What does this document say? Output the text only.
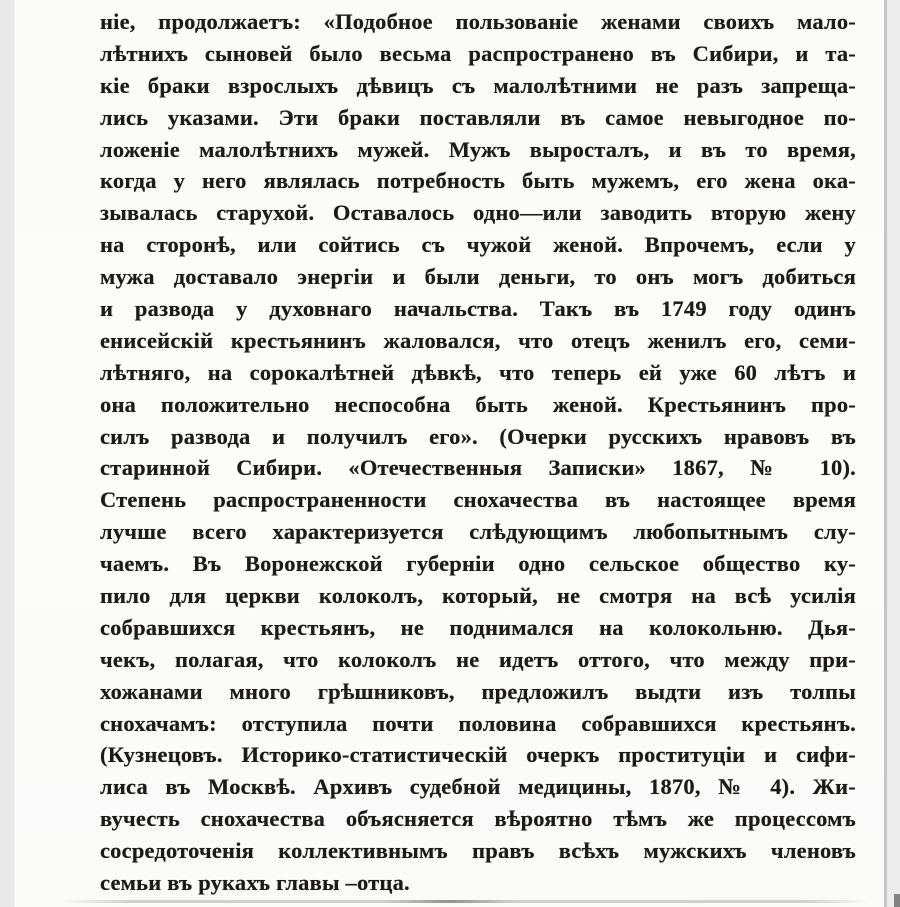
ніе, продолжаетъ: «Подобное пользованіе женами своихъ мало-
лѣтнихъ сыновей было весьма распространено въ Сибири, и та-
кіе браки взрослыхъ дѣвицъ съ малолѣтними не разъ запреща-
лись указами. Эти браки поставляли въ самое невыгодное по-
ложеніе малолѣтнихъ мужей. Мужъ выросталъ, и въ то время,
когда у него являлась потребность быть мужемъ, его жена ока-
зывалась старухой. Оставалось одно—или заводить вторую жену
на сторонѣ, или сойтись съ чужой женой. Впрочемъ, если у
мужа доставало энергіи и были деньги, то онъ могъ добиться
и развода у духовнаго начальства. Такъ въ 1749 году одинъ
енисейскій крестьянинъ жаловался, что отецъ женилъ его, семи-
лѣтняго, на сорокалѣтней дѣвкѣ, что теперь ей уже 60 лѣтъ и
она положительно неспособна быть женой. Крестьянинъ про-
силъ развода и получилъ его». (Очерки русскихъ нравовъ въ
старинной Сибири. «Отечественныя Записки» 1867, № 10).
Степень распространенности снохачества въ настоящее время
лучше всего характеризуется слѣдующимъ любопытнымъ слу-
чаемъ. Въ Воронежской губерніи одно сельское общество ку-
пило для церкви колоколъ, который, не смотря на всѣ усилія
собравшихся крестьянъ, не поднимался на колокольню. Дья-
чекъ, полагая, что колоколъ не идетъ оттого, что между при-
хожанами много грѣшниковъ, предложилъ выдти изъ толпы
снохачамъ: отступила почти половина собравшихся крестьянъ.
(Кузнецовъ. Историко-статистическій очеркъ проституціи и сифи-
лиса въ Москвѣ. Архивъ судебной медицины, 1870, № 4). Жи-
вучесть снохачества объясняется вѣроятно тѣмъ же процессомъ
сосредоточенія коллективнымъ правъ всѣхъ мужскихъ членовъ
семьи въ рукахъ главы –отца.
